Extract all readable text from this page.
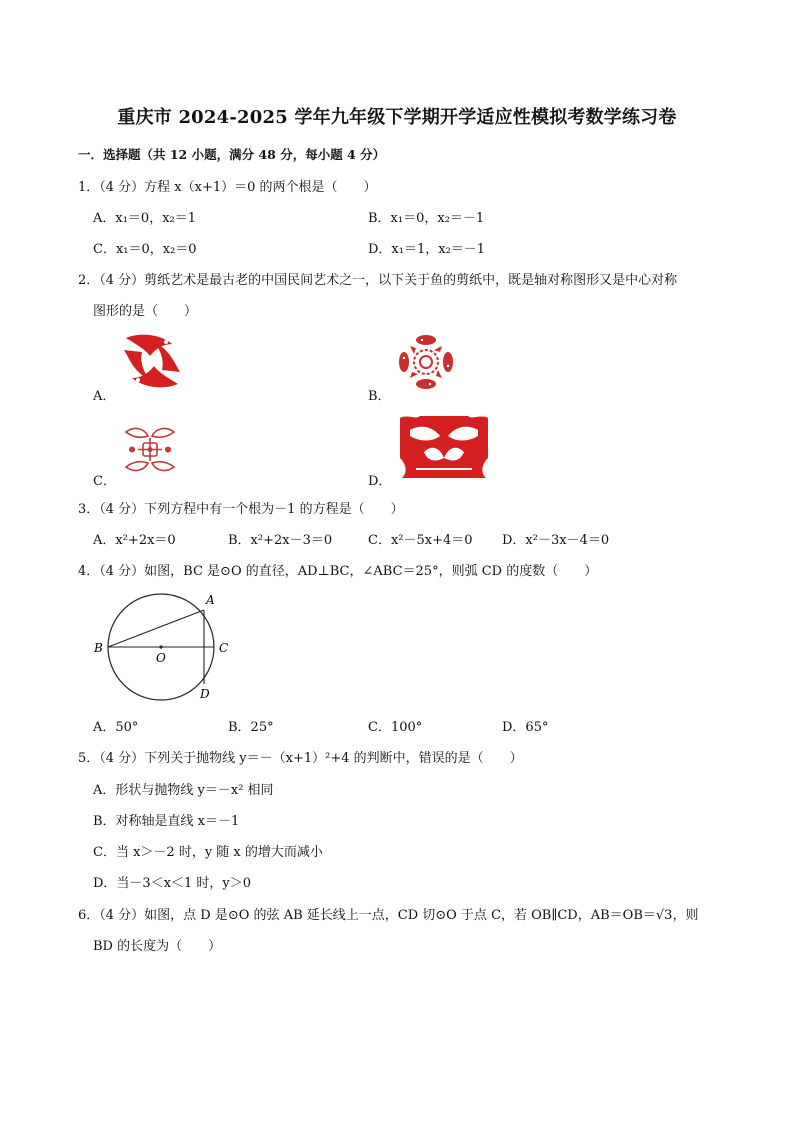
重庆市 2024-2025 学年九年级下学期开学适应性模拟考数学练习卷
一．选择题（共 12 小题，满分 48 分，每小题 4 分）
1．（4 分）方程 x（x+1）＝0 的两个根是（　　）
A．x₁＝0，x₂＝1	B．x₁＝0，x₂＝－1
C．x₁＝0，x₂＝0	D．x₁＝1，x₂＝－1
2．（4 分）剪纸艺术是最古老的中国民间艺术之一，以下关于鱼的剪纸中，既是轴对称图形又是中心对称
图形的是（　　）
A．	B．
C．	D．
3．（4 分）下列方程中有一个根为－1 的方程是（　　）
A．x²+2x＝0	B．x²+2x－3＝0	C．x²－5x+4＝0 D．x²－3x－4＝0
4．（4 分）如图，BC 是⊙O 的直径，AD⊥BC，∠ABC＝25°，则弧 CD 的度数（　　）
A
B
O
C
D
A．50°	B．25°	C．100°	D．65°
5．（4 分）下列关于抛物线 y＝－（x+1）²+4 的判断中，错误的是（　　）
A．形状与抛物线 y＝－x² 相同
B．对称轴是直线 x＝－1
C．当 x＞－2 时，y 随 x 的增大而减小
D．当－3＜x＜1 时，y＞0
6．（4 分）如图，点 D 是⊙O 的弦 AB 延长线上一点，CD 切⊙O 于点 C，若 OB∥CD，AB＝OB＝√3，则
BD 的长度为（　　）
